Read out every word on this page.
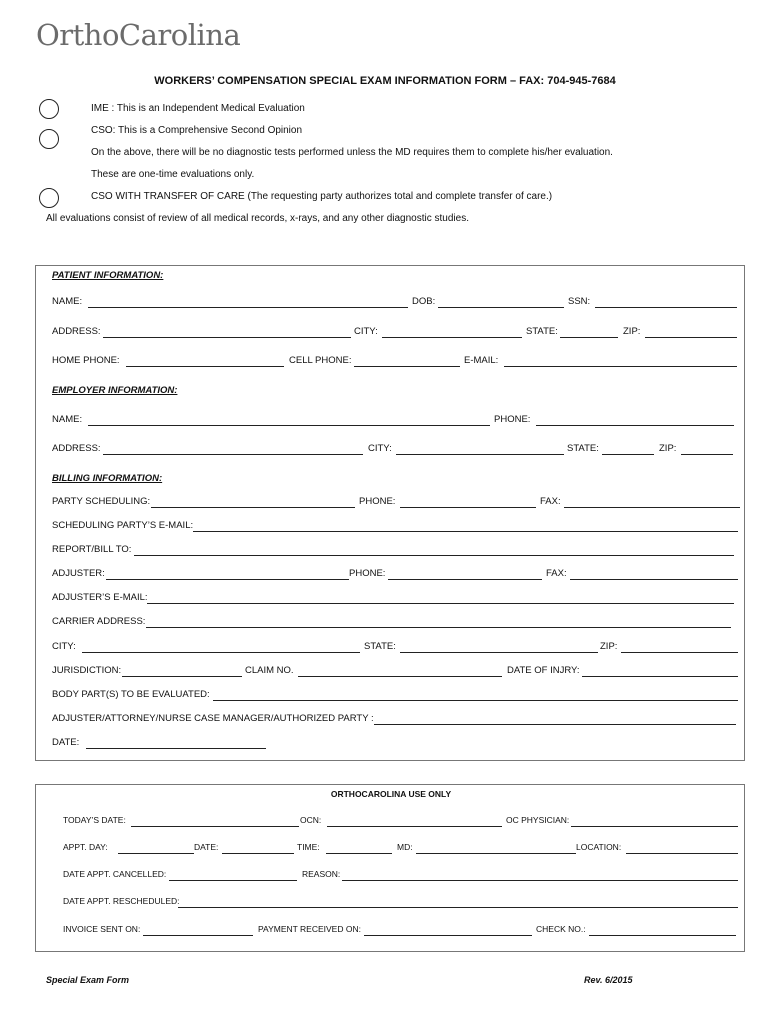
OrthoCarolina
WORKERS’ COMPENSATION SPECIAL EXAM INFORMATION FORM – FAX: 704-945-7684
IME : This is an Independent Medical Evaluation
CSO: This is a Comprehensive Second Opinion
On the above, there will be no diagnostic tests performed unless the MD requires them to complete his/her evaluation.
These are one-time evaluations only.
CSO WITH TRANSFER OF CARE (The requesting party authorizes total and complete transfer of care.)
All evaluations consist of review of all medical records, x-rays, and any other diagnostic studies.
PATIENT INFORMATION:
NAME:	DOB:	SSN:
ADDRESS:	CITY:	STATE:	ZIP:
HOME PHONE:	CELL PHONE:	E-MAIL:
EMPLOYER INFORMATION:
NAME:	PHONE:
ADDRESS:	CITY:	STATE:	ZIP:
BILLING INFORMATION:
PARTY SCHEDULING:	PHONE:	FAX:
SCHEDULING PARTY’S E-MAIL:
REPORT/BILL TO:
ADJUSTER:	PHONE:	FAX:
ADJUSTER’S E-MAIL:
CARRIER ADDRESS:
CITY:	STATE:	ZIP:
JURISDICTION:	CLAIM NO.	DATE OF INJRY:
BODY PART(S) TO BE EVALUATED:
ADJUSTER/ATTORNEY/NURSE CASE MANAGER/AUTHORIZED PARTY :
DATE:
ORTHOCAROLINA USE ONLY
TODAY’S DATE:	OCN:	OC PHYSICIAN:
APPT. DAY:	DATE:	TIME:	MD:	LOCATION:
DATE APPT. CANCELLED:	REASON:
DATE APPT. RESCHEDULED:
INVOICE SENT ON:	PAYMENT RECEIVED ON:	CHECK NO.:
Special Exam Form	Rev. 6/2015
